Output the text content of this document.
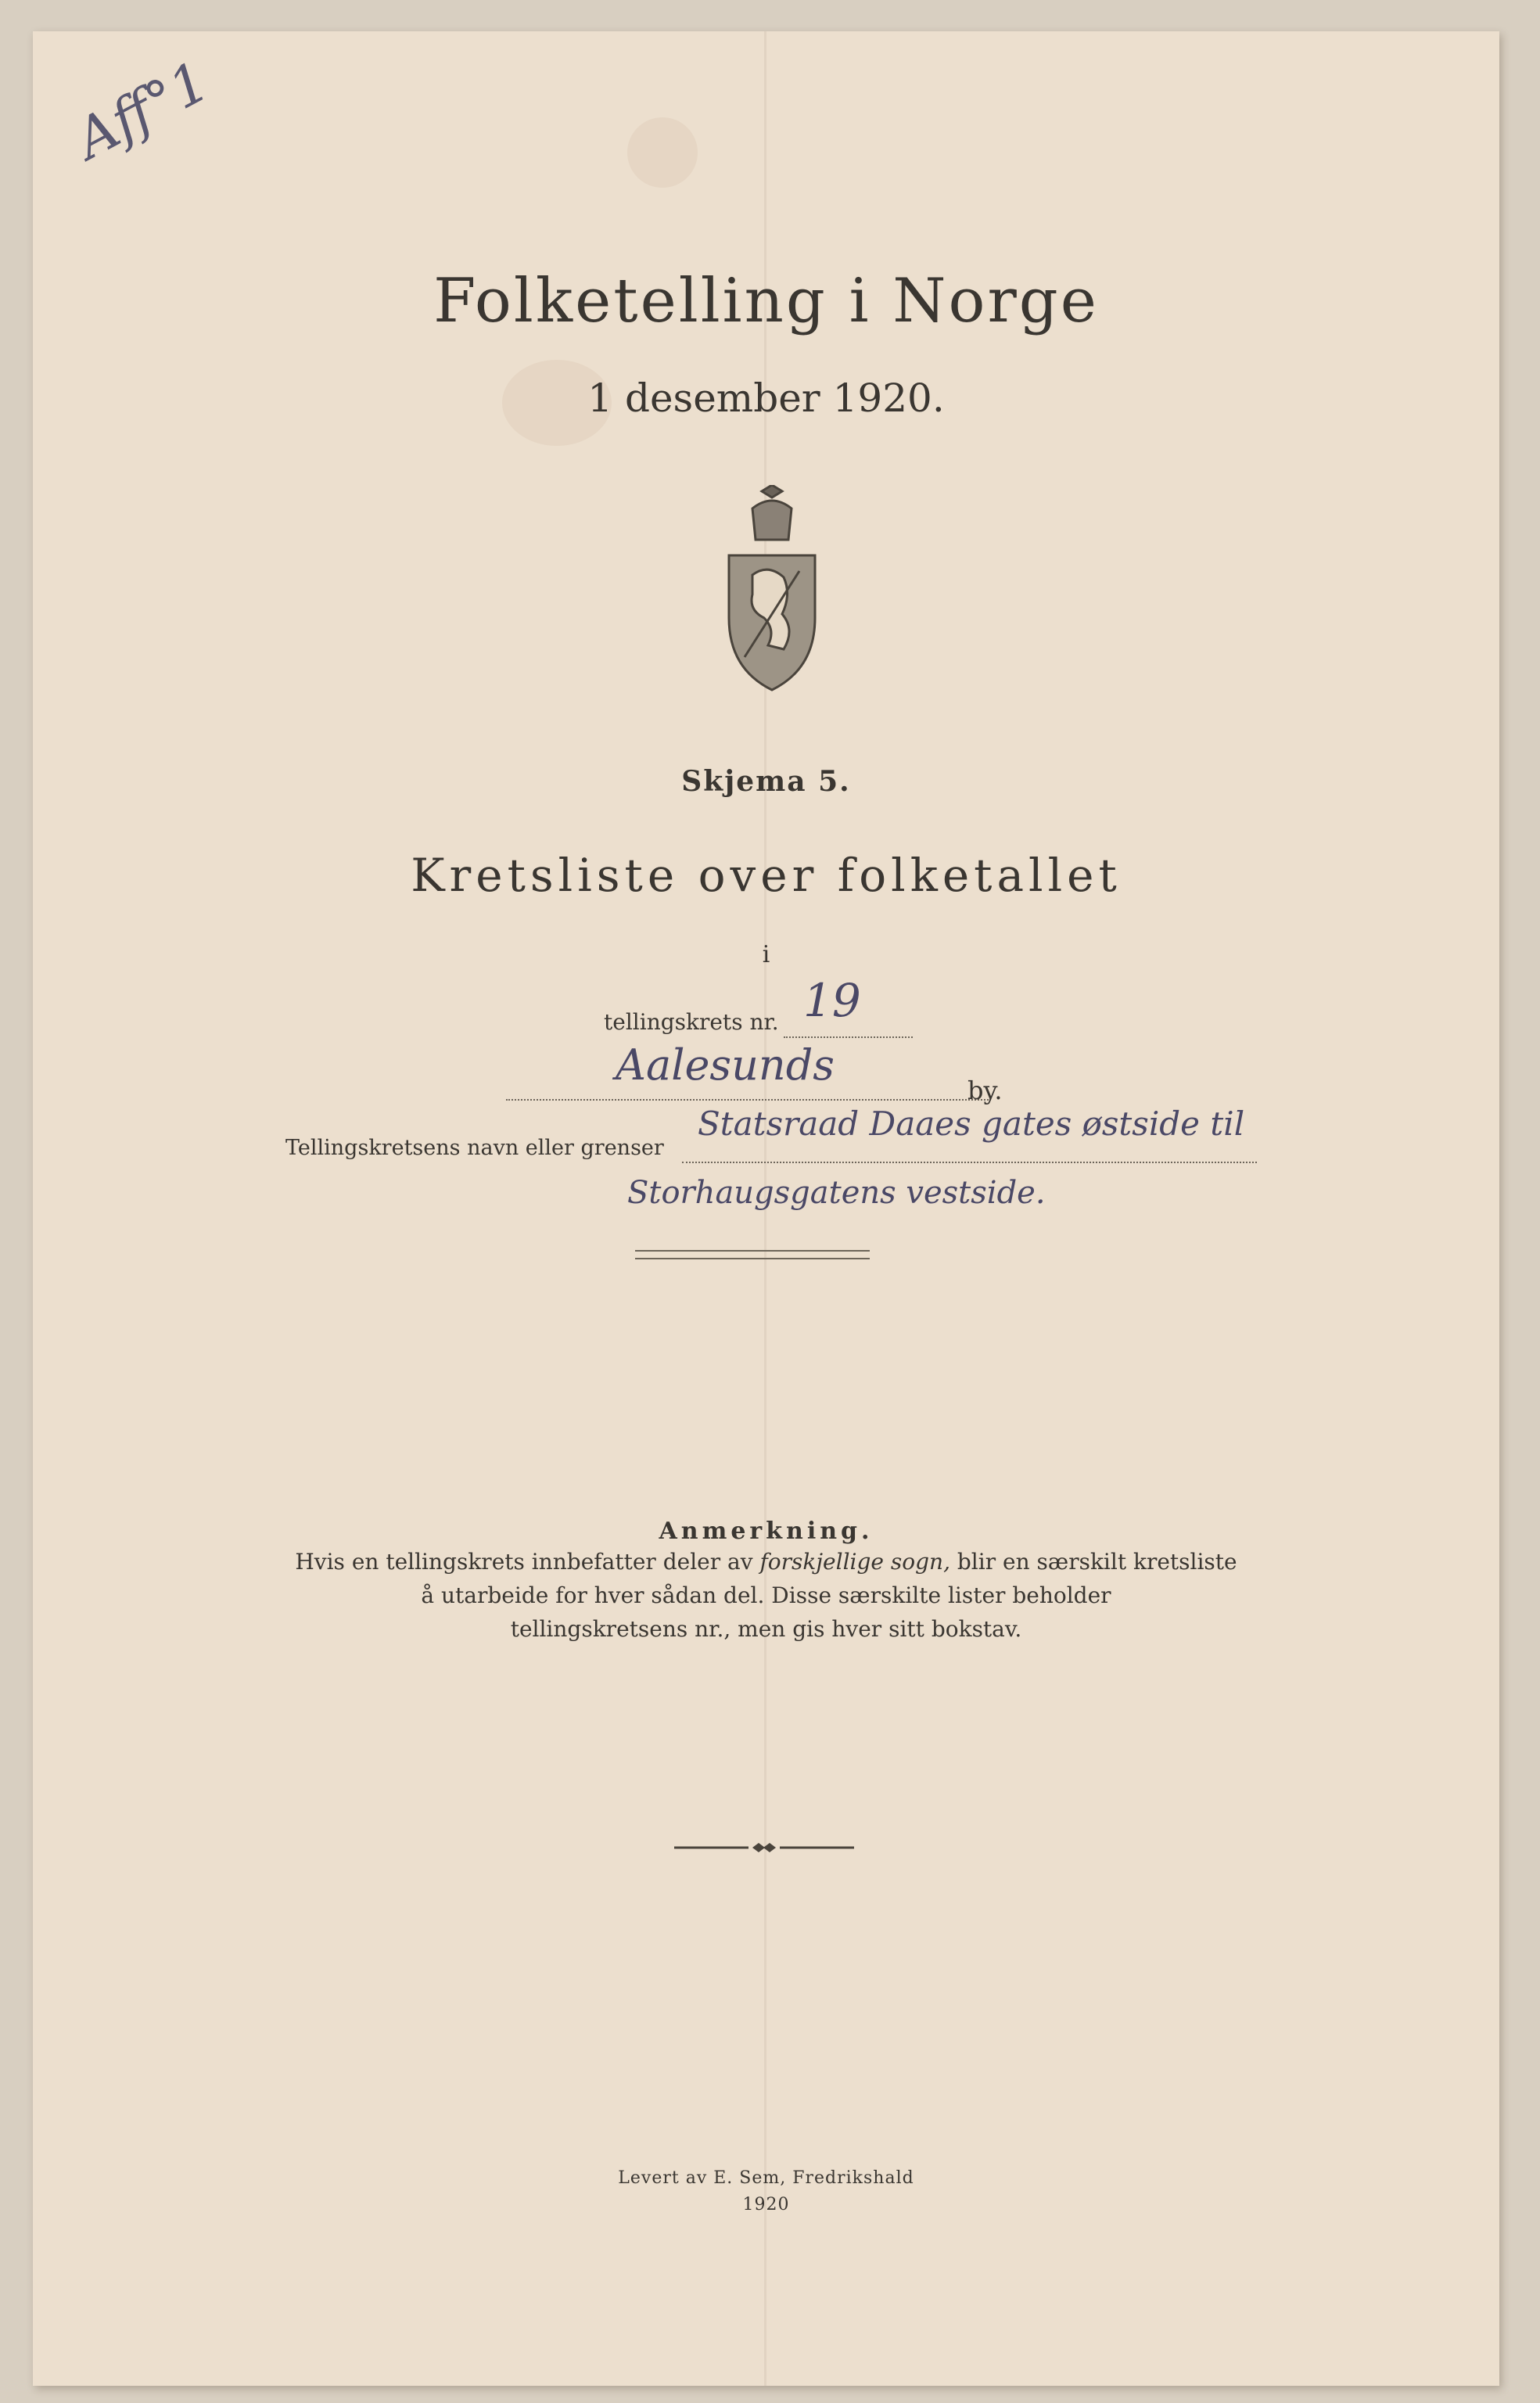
Aff°1
Folketelling i Norge
1 desember 1920.
Skjema 5.
Kretsliste over folketallet
i
tellingskrets nr. 19
Aalesunds
by.
Tellingskretsens navn eller grenser
Statsraad Daaes gates østside til
Storhaugsgatens vestside.
Anmerkning.
Hvis en tellingskrets innbefatter deler av forskjellige sogn, blir en særskilt kretsliste
å utarbeide for hver sådan del. Disse særskilte lister beholder
tellingskretsens nr., men gis hver sitt bokstav.
Levert av E. Sem, Fredrikshald
1920
